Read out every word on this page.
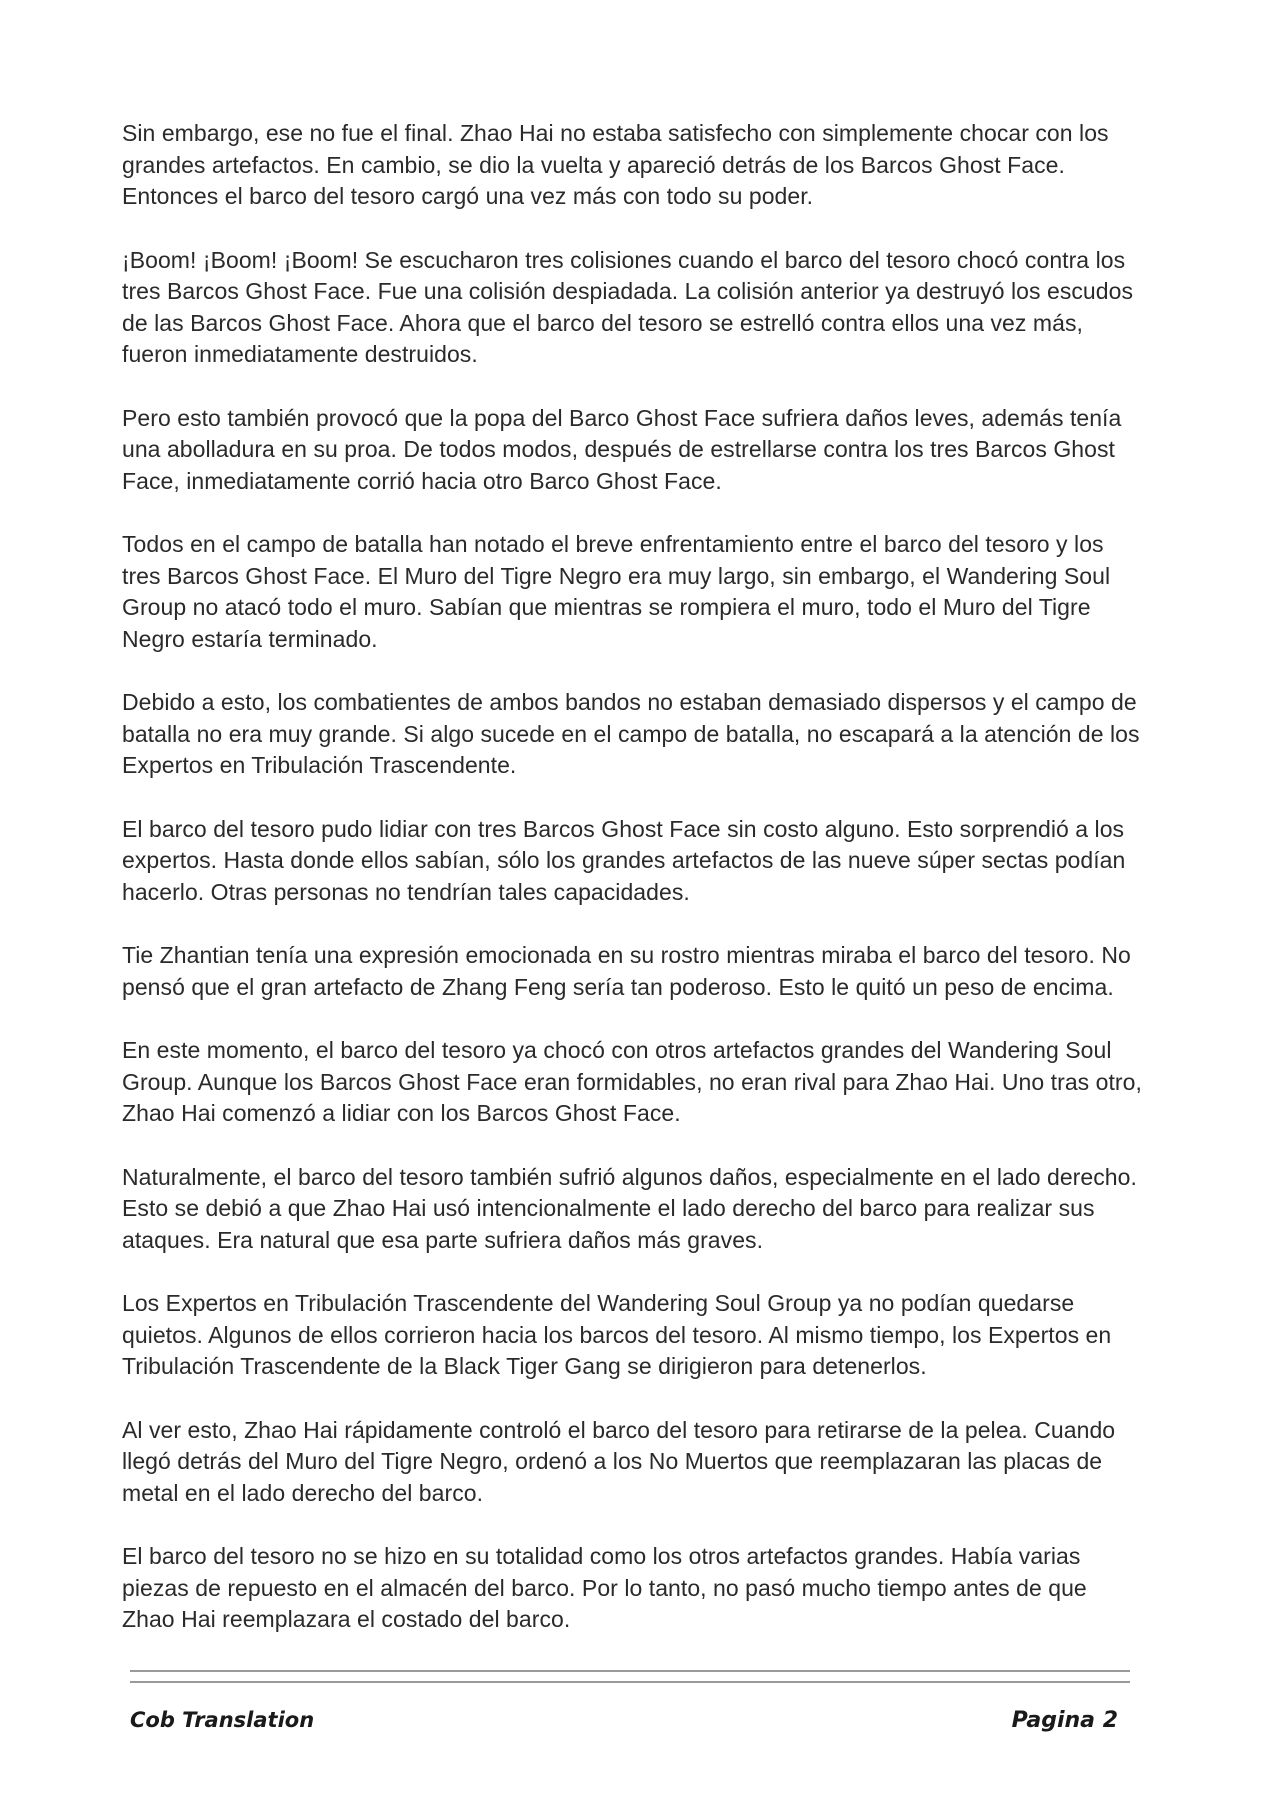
Sin embargo, ese no fue el final. Zhao Hai no estaba satisfecho con simplemente chocar con los grandes artefactos. En cambio, se dio la vuelta y apareció detrás de los Barcos Ghost Face. Entonces el barco del tesoro cargó una vez más con todo su poder.

¡Boom! ¡Boom! ¡Boom! Se escucharon tres colisiones cuando el barco del tesoro chocó contra los tres Barcos Ghost Face. Fue una colisión despiadada. La colisión anterior ya destruyó los escudos de las Barcos Ghost Face. Ahora que el barco del tesoro se estrelló contra ellos una vez más, fueron inmediatamente destruidos.

Pero esto también provocó que la popa del Barco Ghost Face sufriera daños leves, además tenía una abolladura en su proa. De todos modos, después de estrellarse contra los tres Barcos Ghost Face, inmediatamente corrió hacia otro Barco Ghost Face.

Todos en el campo de batalla han notado el breve enfrentamiento entre el barco del tesoro y los tres Barcos Ghost Face. El Muro del Tigre Negro era muy largo, sin embargo, el Wandering Soul Group no atacó todo el muro. Sabían que mientras se rompiera el muro, todo el Muro del Tigre Negro estaría terminado.

Debido a esto, los combatientes de ambos bandos no estaban demasiado dispersos y el campo de batalla no era muy grande. Si algo sucede en el campo de batalla, no escapará a la atención de los Expertos en Tribulación Trascendente.

El barco del tesoro pudo lidiar con tres Barcos Ghost Face sin costo alguno. Esto sorprendió a los expertos. Hasta donde ellos sabían, sólo los grandes artefactos de las nueve súper sectas podían hacerlo. Otras personas no tendrían tales capacidades.

Tie Zhantian tenía una expresión emocionada en su rostro mientras miraba el barco del tesoro. No pensó que el gran artefacto de Zhang Feng sería tan poderoso. Esto le quitó un peso de encima.

En este momento, el barco del tesoro ya chocó con otros artefactos grandes del Wandering Soul Group. Aunque los Barcos Ghost Face eran formidables, no eran rival para Zhao Hai. Uno tras otro, Zhao Hai comenzó a lidiar con los Barcos Ghost Face.

Naturalmente, el barco del tesoro también sufrió algunos daños, especialmente en el lado derecho. Esto se debió a que Zhao Hai usó intencionalmente el lado derecho del barco para realizar sus ataques. Era natural que esa parte sufriera daños más graves.

Los Expertos en Tribulación Trascendente del Wandering Soul Group ya no podían quedarse quietos. Algunos de ellos corrieron hacia los barcos del tesoro. Al mismo tiempo, los Expertos en Tribulación Trascendente de la Black Tiger Gang se dirigieron para detenerlos.

Al ver esto, Zhao Hai rápidamente controló el barco del tesoro para retirarse de la pelea. Cuando llegó detrás del Muro del Tigre Negro, ordenó a los No Muertos que reemplazaran las placas de metal en el lado derecho del barco.

El barco del tesoro no se hizo en su totalidad como los otros artefactos grandes. Había varias piezas de repuesto en el almacén del barco. Por lo tanto, no pasó mucho tiempo antes de que Zhao Hai reemplazara el costado del barco.

Cob Translation	Pagina 2
